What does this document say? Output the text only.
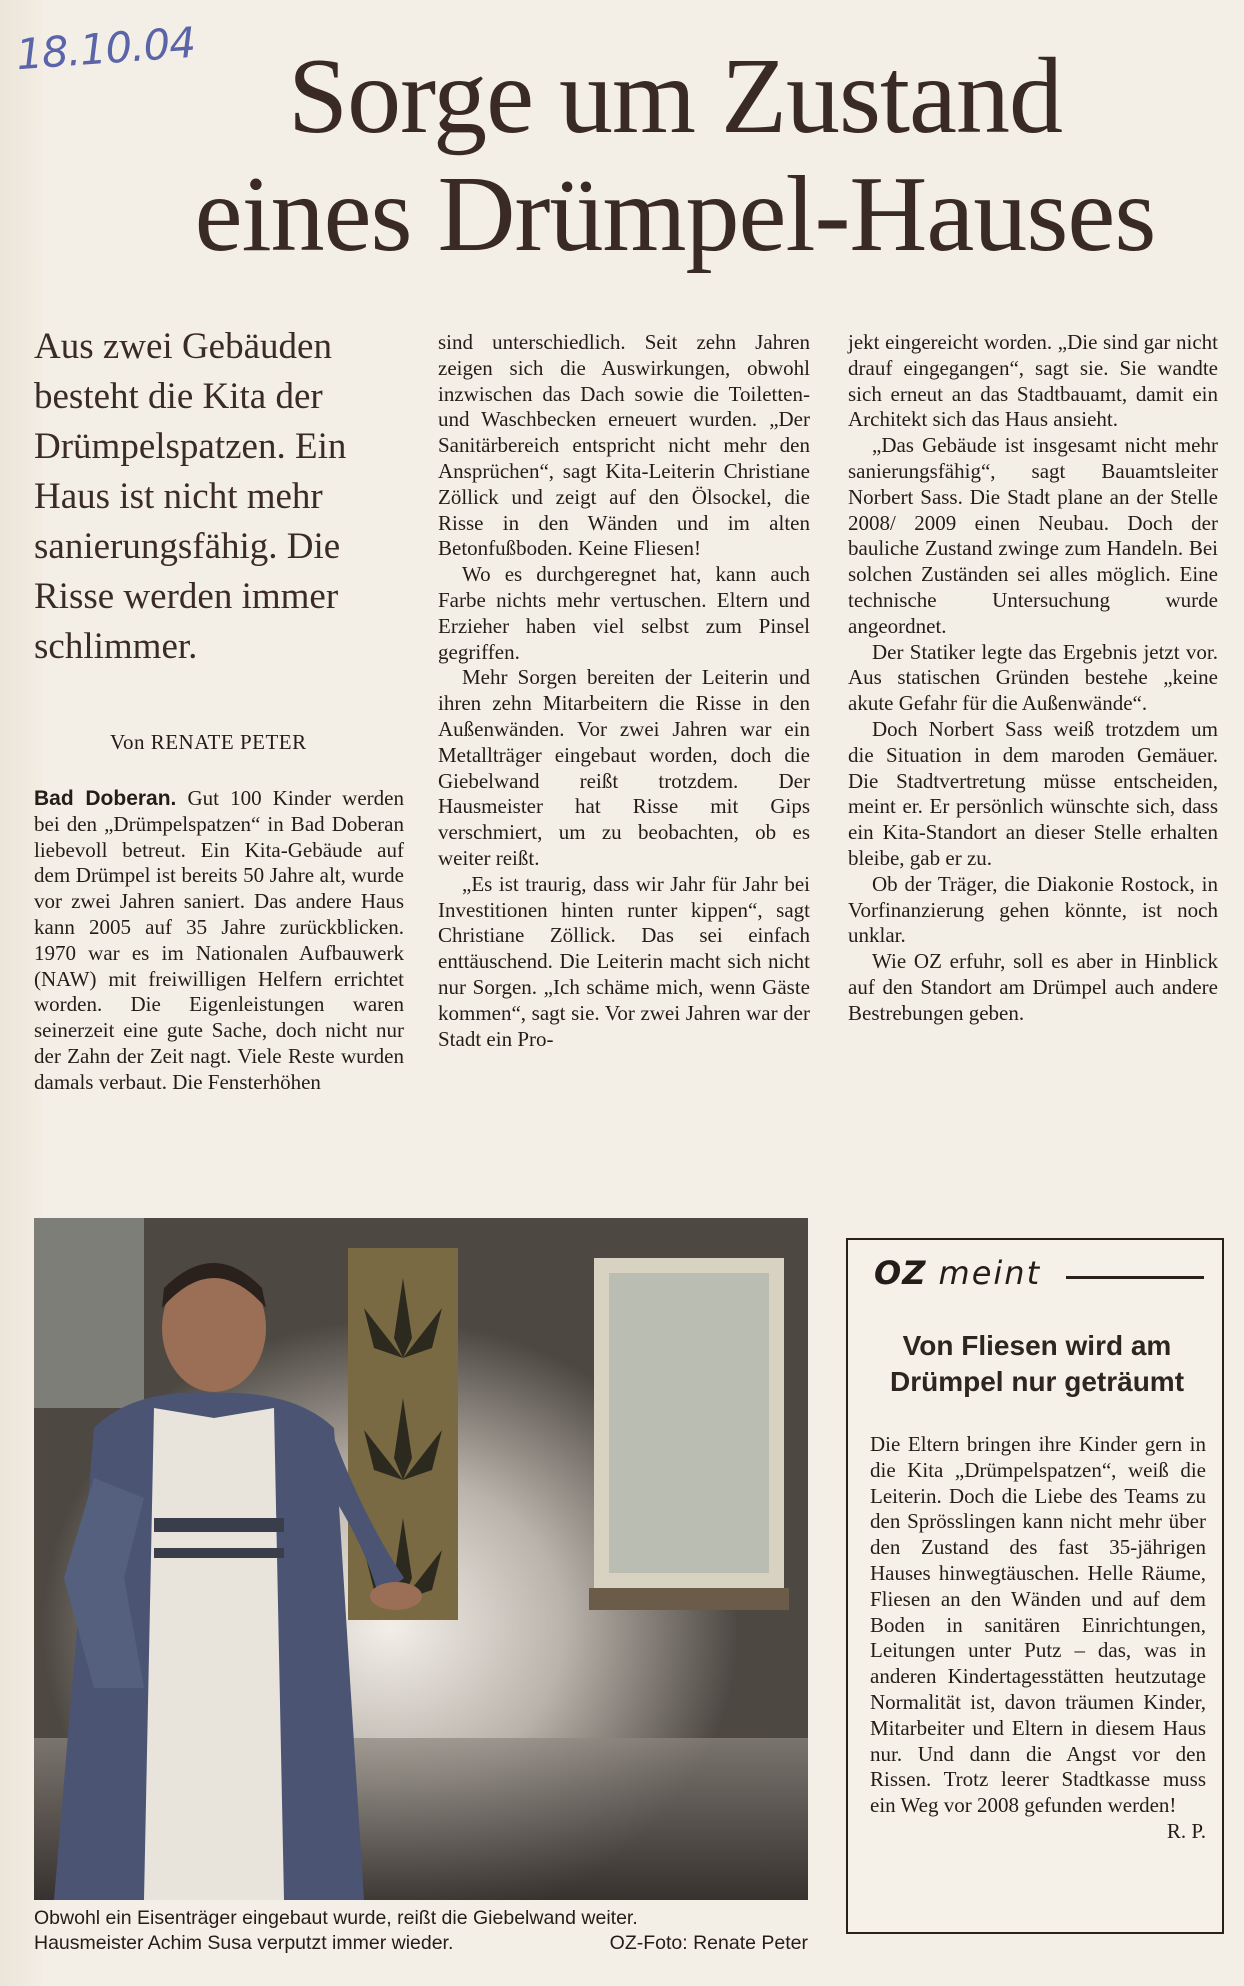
18.10.04 Sorge um Zustand
eines Drümpel-Hauses
Aus zwei Gebäuden besteht die Kita der Drümpelspatzen. Ein Haus ist nicht mehr sanierungsfähig. Die Risse werden immer schlimmer.
Von RENATE PETER

Bad Doberan. Gut 100 Kinder werden bei den „Drümpelspatzen“ in Bad Doberan liebevoll betreut. Ein Kita-Gebäude auf dem Drümpel ist bereits 50 Jahre alt, wurde vor zwei Jahren saniert. Das andere Haus kann 2005 auf 35 Jahre zurückblicken. 1970 war es im Nationalen Aufbauwerk (NAW) mit freiwilligen Helfern errichtet worden. Die Eigenleistungen waren seinerzeit eine gute Sache, doch nicht nur der Zahn der Zeit nagt. Viele Reste wurden damals verbaut. Die Fensterhöhen

sind unterschiedlich. Seit zehn Jahren zeigen sich die Auswirkungen, obwohl inzwischen das Dach sowie die Toiletten- und Waschbecken erneuert wurden. „Der Sanitärbereich entspricht nicht mehr den Ansprüchen“, sagt Kita-Leiterin Christiane Zöllick und zeigt auf den Ölsockel, die Risse in den Wänden und im alten Betonfußboden. Keine Fliesen!

Wo es durchgeregnet hat, kann auch Farbe nichts mehr vertuschen. Eltern und Erzieher haben viel selbst zum Pinsel gegriffen.

Mehr Sorgen bereiten der Leiterin und ihren zehn Mitarbeitern die Risse in den Außenwänden. Vor zwei Jahren war ein Metallträger eingebaut worden, doch die Giebelwand reißt trotzdem. Der Hausmeister hat Risse mit Gips verschmiert, um zu beobachten, ob es weiter reißt.

„Es ist traurig, dass wir Jahr für Jahr bei Investitionen hinten runter kippen“, sagt Christiane Zöllick. Das sei einfach enttäuschend. Die Leiterin macht sich nicht nur Sorgen. „Ich schäme mich, wenn Gäste kommen“, sagt sie. Vor zwei Jahren war der Stadt ein Pro-

jekt eingereicht worden. „Die sind gar nicht drauf eingegangen“, sagt sie. Sie wandte sich erneut an das Stadtbauamt, damit ein Architekt sich das Haus ansieht.

„Das Gebäude ist insgesamt nicht mehr sanierungsfähig“, sagt Bauamtsleiter Norbert Sass. Die Stadt plane an der Stelle 2008/ 2009 einen Neubau. Doch der bauliche Zustand zwinge zum Handeln. Bei solchen Zuständen sei alles möglich. Eine technische Untersuchung wurde angeordnet.

Der Statiker legte das Ergebnis jetzt vor. Aus statischen Gründen bestehe „keine akute Gefahr für die Außenwände“.

Doch Norbert Sass weiß trotzdem um die Situation in dem maroden Gemäuer. Die Stadtvertretung müsse entscheiden, meint er. Er persönlich wünschte sich, dass ein Kita-Standort an dieser Stelle erhalten bleibe, gab er zu.

Ob der Träger, die Diakonie Rostock, in Vorfinanzierung gehen könnte, ist noch unklar.

Wie OZ erfuhr, soll es aber in Hinblick auf den Standort am Drümpel auch andere Bestrebungen geben.

Obwohl ein Eisenträger eingebaut wurde, reißt die Giebelwand weiter.
Hausmeister Achim Susa verputzt immer wieder.	OZ-Foto: Renate Peter
OZ meint
Von Fliesen wird am Drümpel nur geträumt
Die Eltern bringen ihre Kinder gern in die Kita „Drümpelspatzen“, weiß die Leiterin. Doch die Liebe des Teams zu den Sprösslingen kann nicht mehr über den Zustand des fast 35-jährigen Hauses hinwegtäuschen. Helle Räume, Fliesen an den Wänden und auf dem Boden in sanitären Einrichtungen, Leitungen unter Putz – das, was in anderen Kindertagesstätten heutzutage Normalität ist, davon träumen Kinder, Mitarbeiter und Eltern in diesem Haus nur. Und dann die Angst vor den Rissen. Trotz leerer Stadtkasse muss ein Weg vor 2008 gefunden werden!
R. P.
